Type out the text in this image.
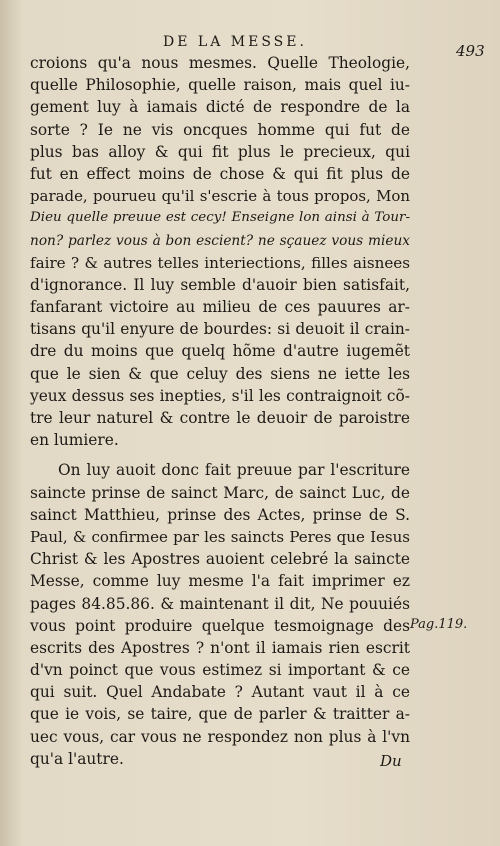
DE LA MESSE.	493
croions qu'a nous mesmes. Quelle Theologie,
quelle Philosophie, quelle raison, mais quel iu-
gement luy à iamais dicté de respondre de la
sorte ? Ie ne vis oncques homme qui fut de
plus bas alloy & qui fit plus le precieux, qui
fut en effect moins de chose & qui fit plus de
parade, pourueu qu'il s'escrie à tous propos, Mon
Dieu quelle preuue est cecy! Enseigne lon ainsi à Tour-
non? parlez vous à bon escient? ne sçauez vous mieux
faire ? & autres telles interiections, filles aisnees
d'ignorance. Il luy semble d'auoir bien satisfait,
fanfarant victoire au milieu de ces pauures ar-
tisans qu'il enyure de bourdes: si deuoit il crain-
dre du moins que quelq hõme d'autre iugemẽt
que le sien & que celuy des siens ne iette les
yeux dessus ses inepties, s'il les contraignoit cõ-
tre leur naturel & contre le deuoir de paroistre
en lumiere.
On luy auoit donc fait preuue par l'escriture
saincte prinse de sainct Marc, de sainct Luc, de
sainct Matthieu, prinse des Actes, prinse de S.
Paul, & confirmee par les saincts Peres que Iesus
Christ & les Apostres auoient celebré la saincte
Messe, comme luy mesme l'a fait imprimer ez
pages 84.85.86. & maintenant il dit, Ne pouuiés
vous point produire quelque tesmoignage des
escrits des Apostres ? n'ont il iamais rien escrit
d'vn poinct que vous estimez si important & ce
qui suit. Quel Andabate ? Autant vaut il à ce
que ie vois, se taire, que de parler & traitter a-
uec vous, car vous ne respondez non plus à l'vn
qu'a l'autre.
Pag.119.
Du
